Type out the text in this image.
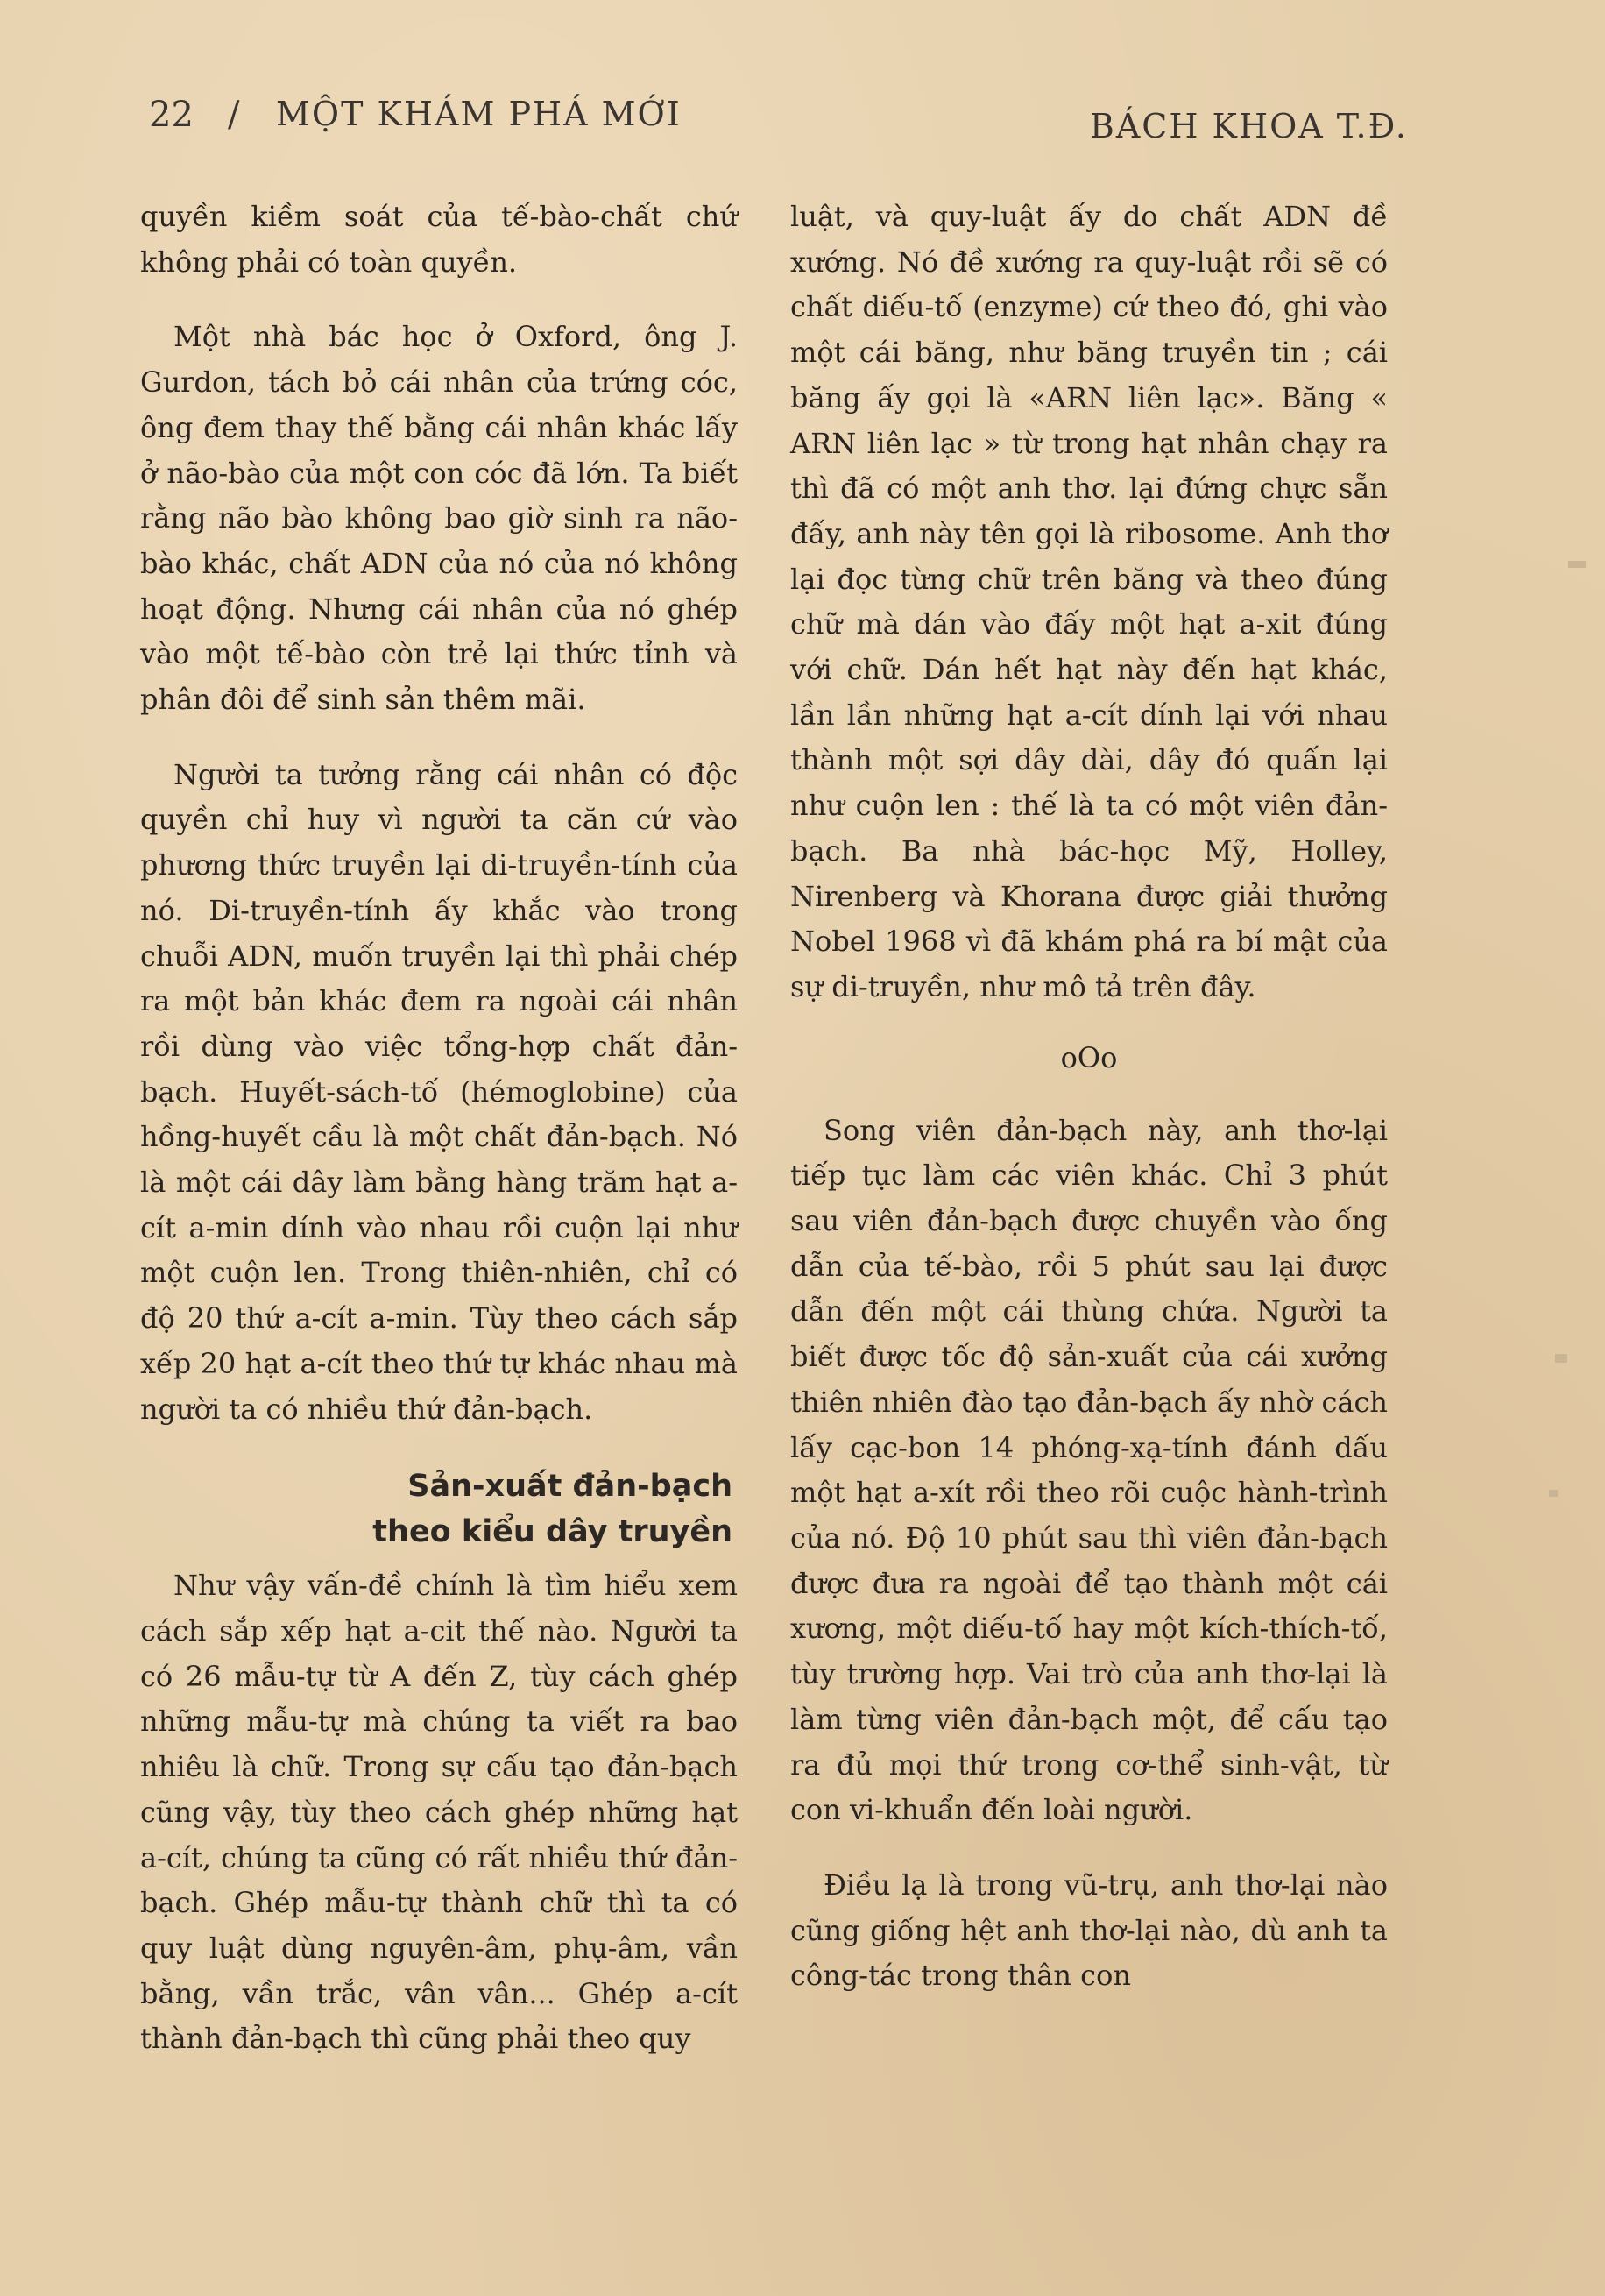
22 / MỘT KHÁM PHÁ MỚI	BÁCH KHOA T.Đ.

quyền kiềm soát của tế-bào-chất chứ không phải có toàn quyền.

Một nhà bác học ở Oxford, ông J. Gurdon, tách bỏ cái nhân của trứng cóc, ông đem thay thế bằng cái nhân khác lấy ở não-bào của một con cóc đã lớn. Ta biết rằng não bào không bao giờ sinh ra não-bào khác, chất ADN của nó của nó không hoạt động. Nhưng cái nhân của nó ghép vào một tế-bào còn trẻ lại thức tỉnh và phân đôi để sinh sản thêm mãi.

Người ta tưởng rằng cái nhân có độc quyền chỉ huy vì người ta căn cứ vào phương thức truyền lại di-truyền-tính của nó. Di-truyền-tính ấy khắc vào trong chuỗi ADN, muốn truyền lại thì phải chép ra một bản khác đem ra ngoài cái nhân rồi dùng vào việc tổng-hợp chất đản-bạch. Huyết-sách-tố (hémoglobine) của hồng-huyết cầu là một chất đản-bạch. Nó là một cái dây làm bằng hàng trăm hạt a-cít a-min dính vào nhau rồi cuộn lại như một cuộn len. Trong thiên-nhiên, chỉ có độ 20 thứ a-cít a-min. Tùy theo cách sắp xếp 20 hạt a-cít theo thứ tự khác nhau mà người ta có nhiều thứ đản-bạch.

Sản-xuất đản-bạch
theo kiểu dây truyền

Như vậy vấn-đề chính là tìm hiểu xem cách sắp xếp hạt a-cit thế nào. Người ta có 26 mẫu-tự từ A đến Z, tùy cách ghép những mẫu-tự mà chúng ta viết ra bao nhiêu là chữ. Trong sự cấu tạo đản-bạch cũng vậy, tùy theo cách ghép những hạt a-cít, chúng ta cũng có rất nhiều thứ đản-bạch. Ghép mẫu-tự thành chữ thì ta có quy luật dùng nguyên-âm, phụ-âm, vần bằng, vần trắc, vân vân... Ghép a-cít thành đản-bạch thì cũng phải theo quy

luật, và quy-luật ấy do chất ADN đề xướng. Nó đề xướng ra quy-luật rồi sẽ có chất diếu-tố (enzyme) cứ theo đó, ghi vào một cái băng, như băng truyền tin ; cái băng ấy gọi là «ARN liên lạc». Băng « ARN liên lạc » từ trong hạt nhân chạy ra thì đã có một anh thơ. lại đứng chực sẵn đấy, anh này tên gọi là ribosome. Anh thơ lại đọc từng chữ trên băng và theo đúng chữ mà dán vào đấy một hạt a-xit đúng với chữ. Dán hết hạt này đến hạt khác, lần lần những hạt a-cít dính lại với nhau thành một sợi dây dài, dây đó quấn lại như cuộn len : thế là ta có một viên đản-bạch. Ba nhà bác-học Mỹ, Holley, Nirenberg và Khorana được giải thưởng Nobel 1968 vì đã khám phá ra bí mật của sự di-truyền, như mô tả trên đây.

oOo

Song viên đản-bạch này, anh thơ-lại tiếp tục làm các viên khác. Chỉ 3 phút sau viên đản-bạch được chuyền vào ống dẫn của tế-bào, rồi 5 phút sau lại được dẫn đến một cái thùng chứa. Người ta biết được tốc độ sản-xuất của cái xưởng thiên nhiên đào tạo đản-bạch ấy nhờ cách lấy cạc-bon 14 phóng-xạ-tính đánh dấu một hạt a-xít rồi theo rõi cuộc hành-trình của nó. Độ 10 phút sau thì viên đản-bạch được đưa ra ngoài để tạo thành một cái xương, một diếu-tố hay một kích-thích-tố, tùy trường hợp. Vai trò của anh thơ-lại là làm từng viên đản-bạch một, để cấu tạo ra đủ mọi thứ trong cơ-thể sinh-vật, từ con vi-khuẩn đến loài người.

Điều lạ là trong vũ-trụ, anh thơ-lại nào cũng giống hệt anh thơ-lại nào, dù anh ta công-tác trong thân con
